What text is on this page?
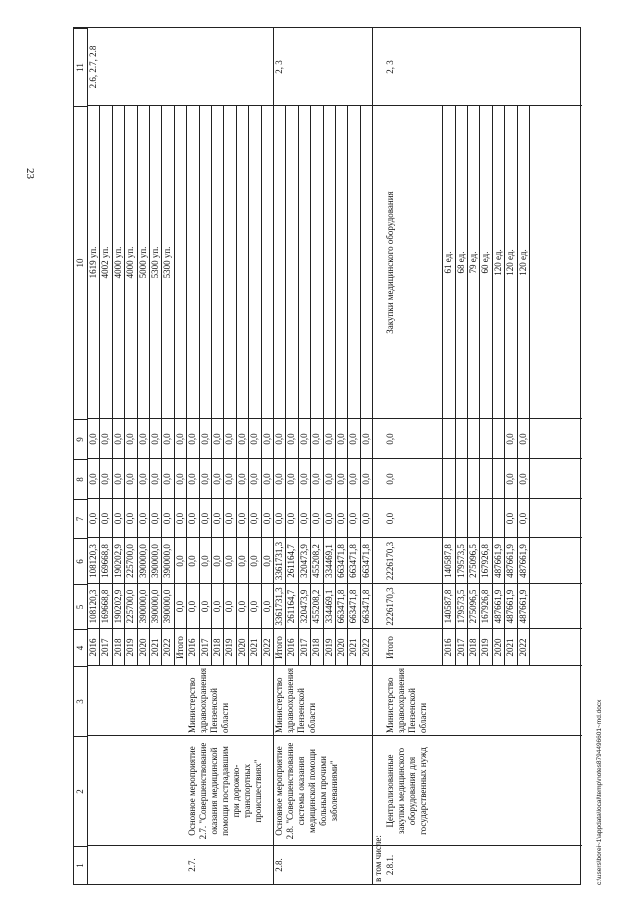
23
1
2
3
4
5
6
7
8
9
10
11
2.7.
Основное мероприятие 2.7. "Совершенствование оказания медицинской помощи пострадавшим при дорожно-транспортных происшествиях"
Министерство здравоохранения Пензенской области
2.6, 2.7, 2.8
2016
108120,3
108120,3
0,0
0,0
0,0
1619 уп.
2017
169668,8
169668,8
0,0
0,0
0,0
4002 уп.
2018
190202,9
190202,9
0,0
0,0
0,0
4000 уп.
2019
225700,0
225700,0
0,0
0,0
0,0
4000 уп.
2020
390000,0
390000,0
0,0
0,0
0,0
5000 уп.
2021
390000,0
390000,0
0,0
0,0
0,0
5300 уп.
2022
390000,0
390000,0
0,0
0,0
0,0
5300 уп.
Итого
0,0
0,0
0,0
0,0
0,0
2016
0,0
0,0
0,0
0,0
0,0
2017
0,0
0,0
0,0
0,0
0,0
2018
0,0
0,0
0,0
0,0
0,0
2019
0,0
0,0
0,0
0,0
0,0
2020
0,0
0,0
0,0
0,0
0,0
2021
0,0
0,0
0,0
0,0
0,0
2022
0,0
0,0
0,0
0,0
0,0
2.8.
Основное мероприятие 2.8. "Совершенствование системы оказания медицинской помощи больным прочими заболеваниями"
Министерство здравоохранения Пензенской области
2, 3
Итого
3361731,3
3361731,3
0,0
0,0
0,0
2016
261164,7
261164,7
0,0
0,0
0,0
2017
320473,9
320473,9
0,0
0,0
0,0
2018
455208,2
455208,2
0,0
0,0
0,0
2019
334469,1
334469,1
0,0
0,0
0,0
2020
663471,8
663471,8
0,0
0,0
0,0
2021
663471,8
663471,8
0,0
0,0
0,0
2022
663471,8
663471,8
0,0
0,0
0,0
в том числе: 2.8.1.
Централизованные закупки медицинского оборудования для государственных нужд
Министерство здравоохранения Пензенской области
2, 3
Итого
2226170,3
2226170,3
0,0
0,0
0,0
Закупки медицинского оборудования
2016
140587,8
140587,8
61 ед.
2017
179573,5
179573,5
68 ед.
2018
275096,5
275096,5
79 ед.
2019
167926,8
167926,8
60 ед.
2020
487661,9
487661,9
120 ед.
2021
487661,9
487661,9
0,0
0,0
0,0
120 ед.
2022
487661,9
487661,9
0,0
0,0
0,0
120 ед.
c:\users\borei~1\appdata\local\temp\notes8794496601~md.docx
